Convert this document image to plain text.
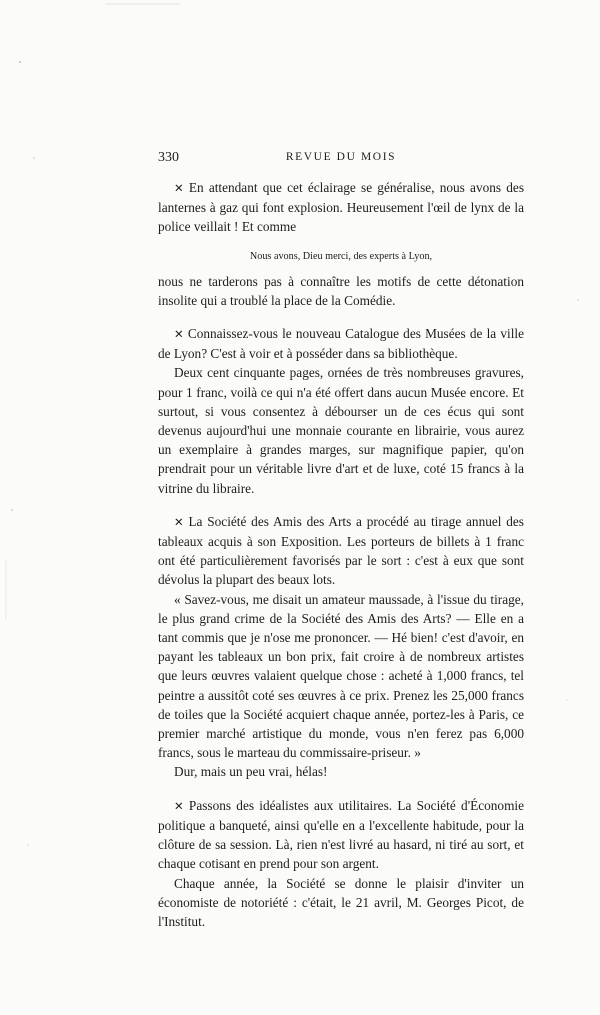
330	REVUE DU MOIS

✕ En attendant que cet éclairage se généralise, nous avons des lanternes à gaz qui font explosion. Heureusement l'œil de lynx de la police veillait ! Et comme

Nous avons, Dieu merci, des experts à Lyon,

nous ne tarderons pas à connaître les motifs de cette détonation insolite qui a troublé la place de la Comédie.

✕ Connaissez-vous le nouveau Catalogue des Musées de la ville de Lyon? C'est à voir et à posséder dans sa bibliothèque.

Deux cent cinquante pages, ornées de très nombreuses gravures, pour 1 franc, voilà ce qui n'a été offert dans aucun Musée encore. Et surtout, si vous consentez à débourser un de ces écus qui sont devenus aujourd'hui une monnaie courante en librairie, vous aurez un exemplaire à grandes marges, sur magnifique papier, qu'on prendrait pour un véritable livre d'art et de luxe, coté 15 francs à la vitrine du libraire.

✕ La Société des Amis des Arts a procédé au tirage annuel des tableaux acquis à son Exposition. Les porteurs de billets à 1 franc ont été particulièrement favorisés par le sort : c'est à eux que sont dévolus la plupart des beaux lots.

« Savez-vous, me disait un amateur maussade, à l'issue du tirage, le plus grand crime de la Société des Amis des Arts? — Elle en a tant commis que je n'ose me prononcer. — Hé bien! c'est d'avoir, en payant les tableaux un bon prix, fait croire à de nombreux artistes que leurs œuvres valaient quelque chose : acheté à 1,000 francs, tel peintre a aussitôt coté ses œuvres à ce prix. Prenez les 25,000 francs de toiles que la Société acquiert chaque année, portez-les à Paris, ce premier marché artistique du monde, vous n'en ferez pas 6,000 francs, sous le marteau du commissaire-priseur. »

Dur, mais un peu vrai, hélas!

✕ Passons des idéalistes aux utilitaires. La Société d'Économie politique a banqueté, ainsi qu'elle en a l'excellente habitude, pour la clôture de sa session. Là, rien n'est livré au hasard, ni tiré au sort, et chaque cotisant en prend pour son argent.

Chaque année, la Société se donne le plaisir d'inviter un économiste de notoriété : c'était, le 21 avril, M. Georges Picot, de l'Institut.
